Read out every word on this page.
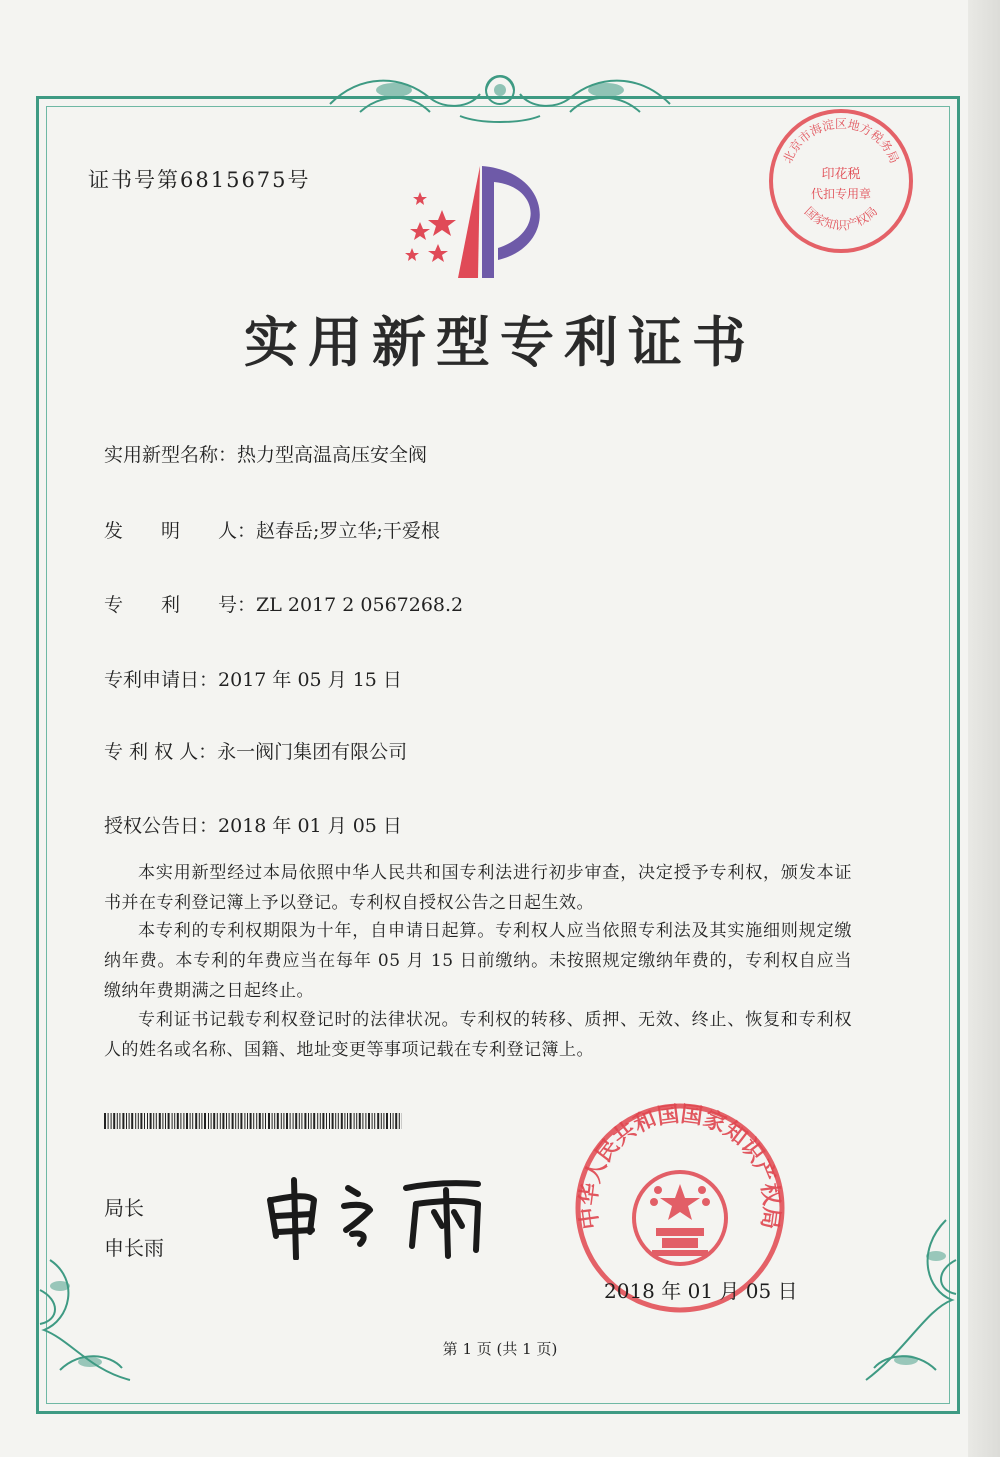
证书号第6815675号
实用新型专利证书
实用新型名称：热力型高温高压安全阀
发　　明　　人：赵春岳;罗立华;干爱根
专　　利　　号：ZL 2017 2 0567268.2
专利申请日：2017 年 05 月 15 日
专 利 权 人：永一阀门集团有限公司
授权公告日：2018 年 01 月 05 日
本实用新型经过本局依照中华人民共和国专利法进行初步审查，决定授予专利权，颁发本证书并在专利登记簿上予以登记。专利权自授权公告之日起生效。
本专利的专利权期限为十年，自申请日起算。专利权人应当依照专利法及其实施细则规定缴纳年费。本专利的年费应当在每年 05 月 15 日前缴纳。未按照规定缴纳年费的，专利权自应当缴纳年费期满之日起终止。
专利证书记载专利权登记时的法律状况。专利权的转移、质押、无效、终止、恢复和专利权人的姓名或名称、国籍、地址变更等事项记载在专利登记簿上。
局长
申长雨
北京市海淀区地方税务局
印花税
代扣专用章
国家知识产权局
中华人民共和国国家知识产权局
2018 年 01 月 05 日
第 1 页 (共 1 页)
